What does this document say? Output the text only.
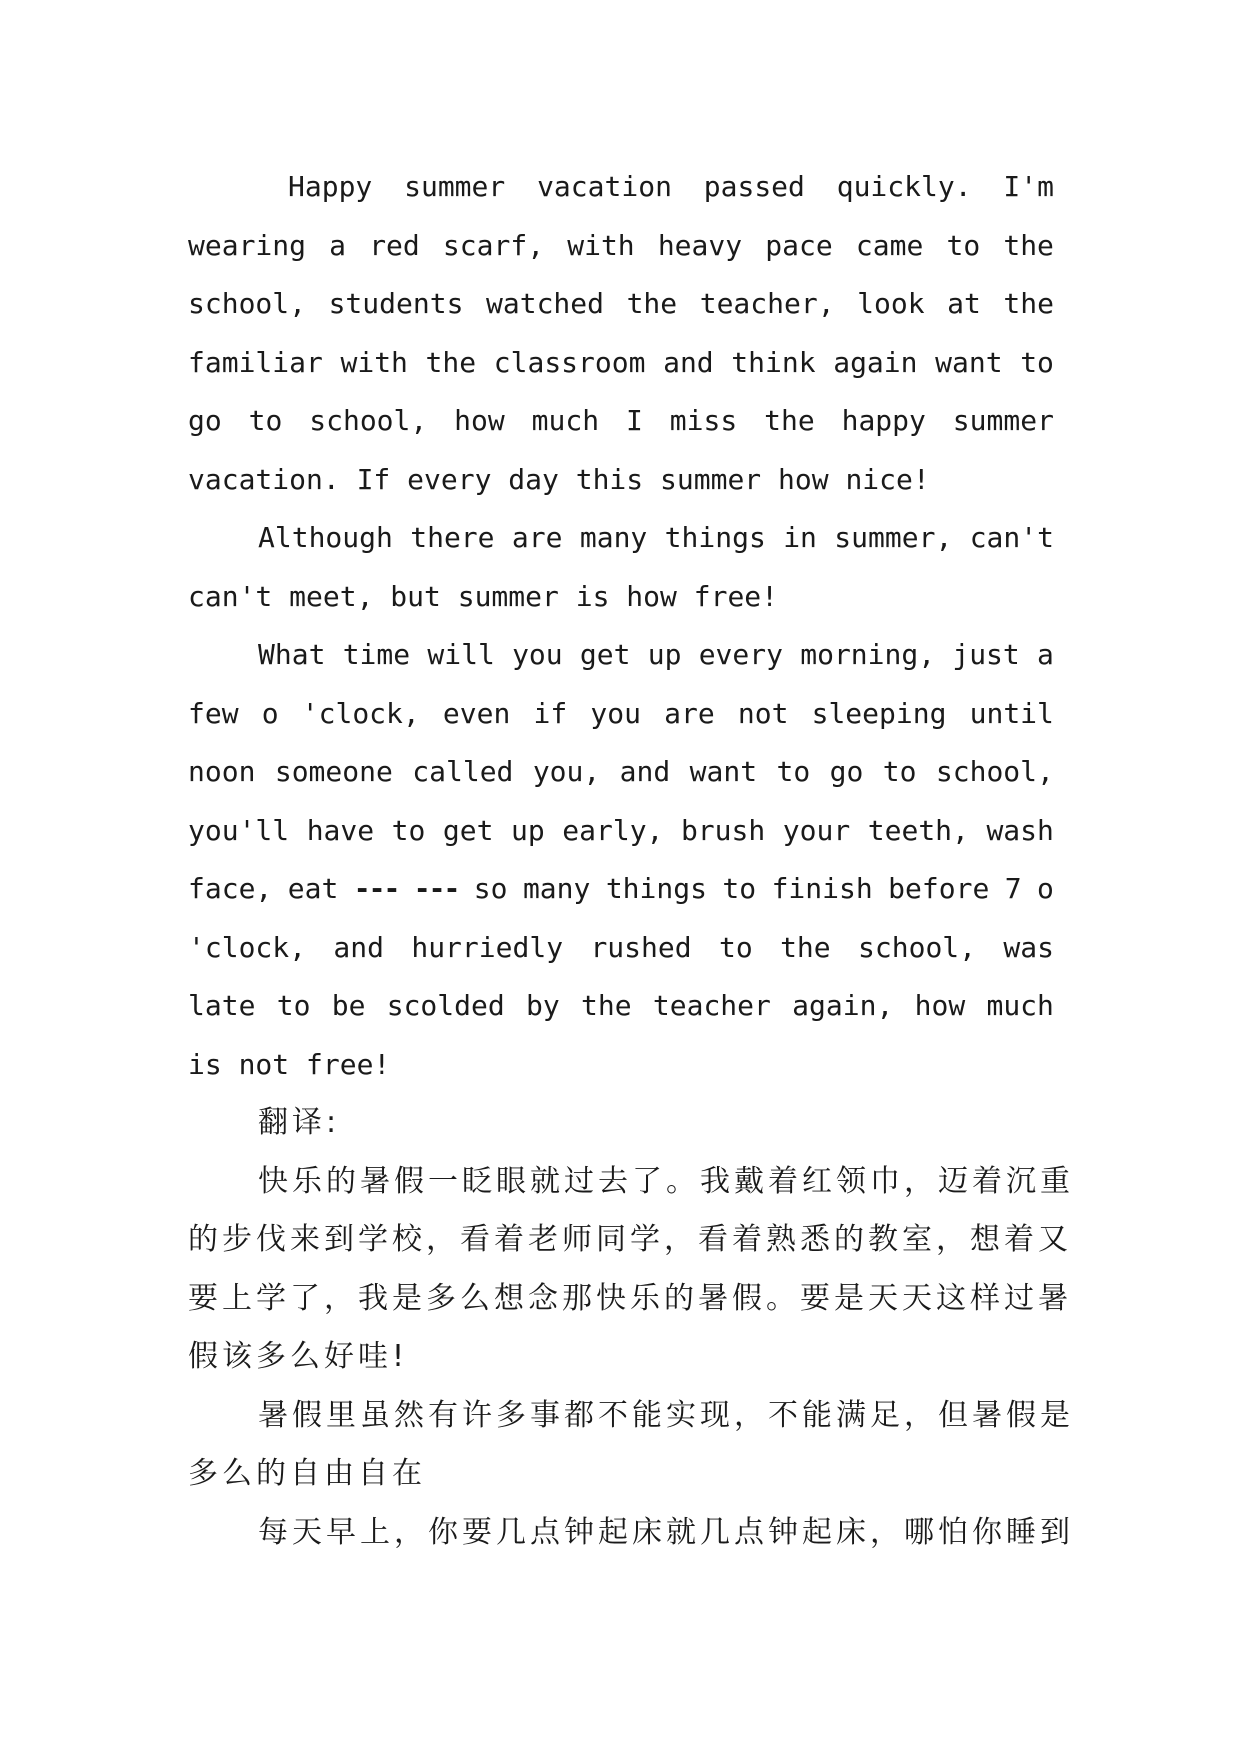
Happy summer vacation passed quickly. I'm
wearing a red scarf, with heavy pace came to the
school, students watched the teacher, look at the
familiar with the classroom and think again want to
go to school, how much I miss the happy summer
vacation. If every day this summer how nice!
Although there are many things in summer, can't
can't meet, but summer is how free!
What time will you get up every morning, just a
few o 'clock, even if you are not sleeping until
noon someone called you, and want to go to school,
you'll have to get up early, brush your teeth, wash
face, eat --- --- so many things to finish before 7 o
'clock, and hurriedly rushed to the school, was
late to be scolded by the teacher again, how much
is not free!
翻译:
快乐的暑假一眨眼就过去了。我戴着红领巾，迈着沉重
的步伐来到学校，看着老师同学，看着熟悉的教室，想着又
要上学了，我是多么想念那快乐的暑假。要是天天这样过暑
假该多么好哇!
暑假里虽然有许多事都不能实现，不能满足，但暑假是
多么的自由自在
每天早上，你要几点钟起床就几点钟起床，哪怕你睡到
